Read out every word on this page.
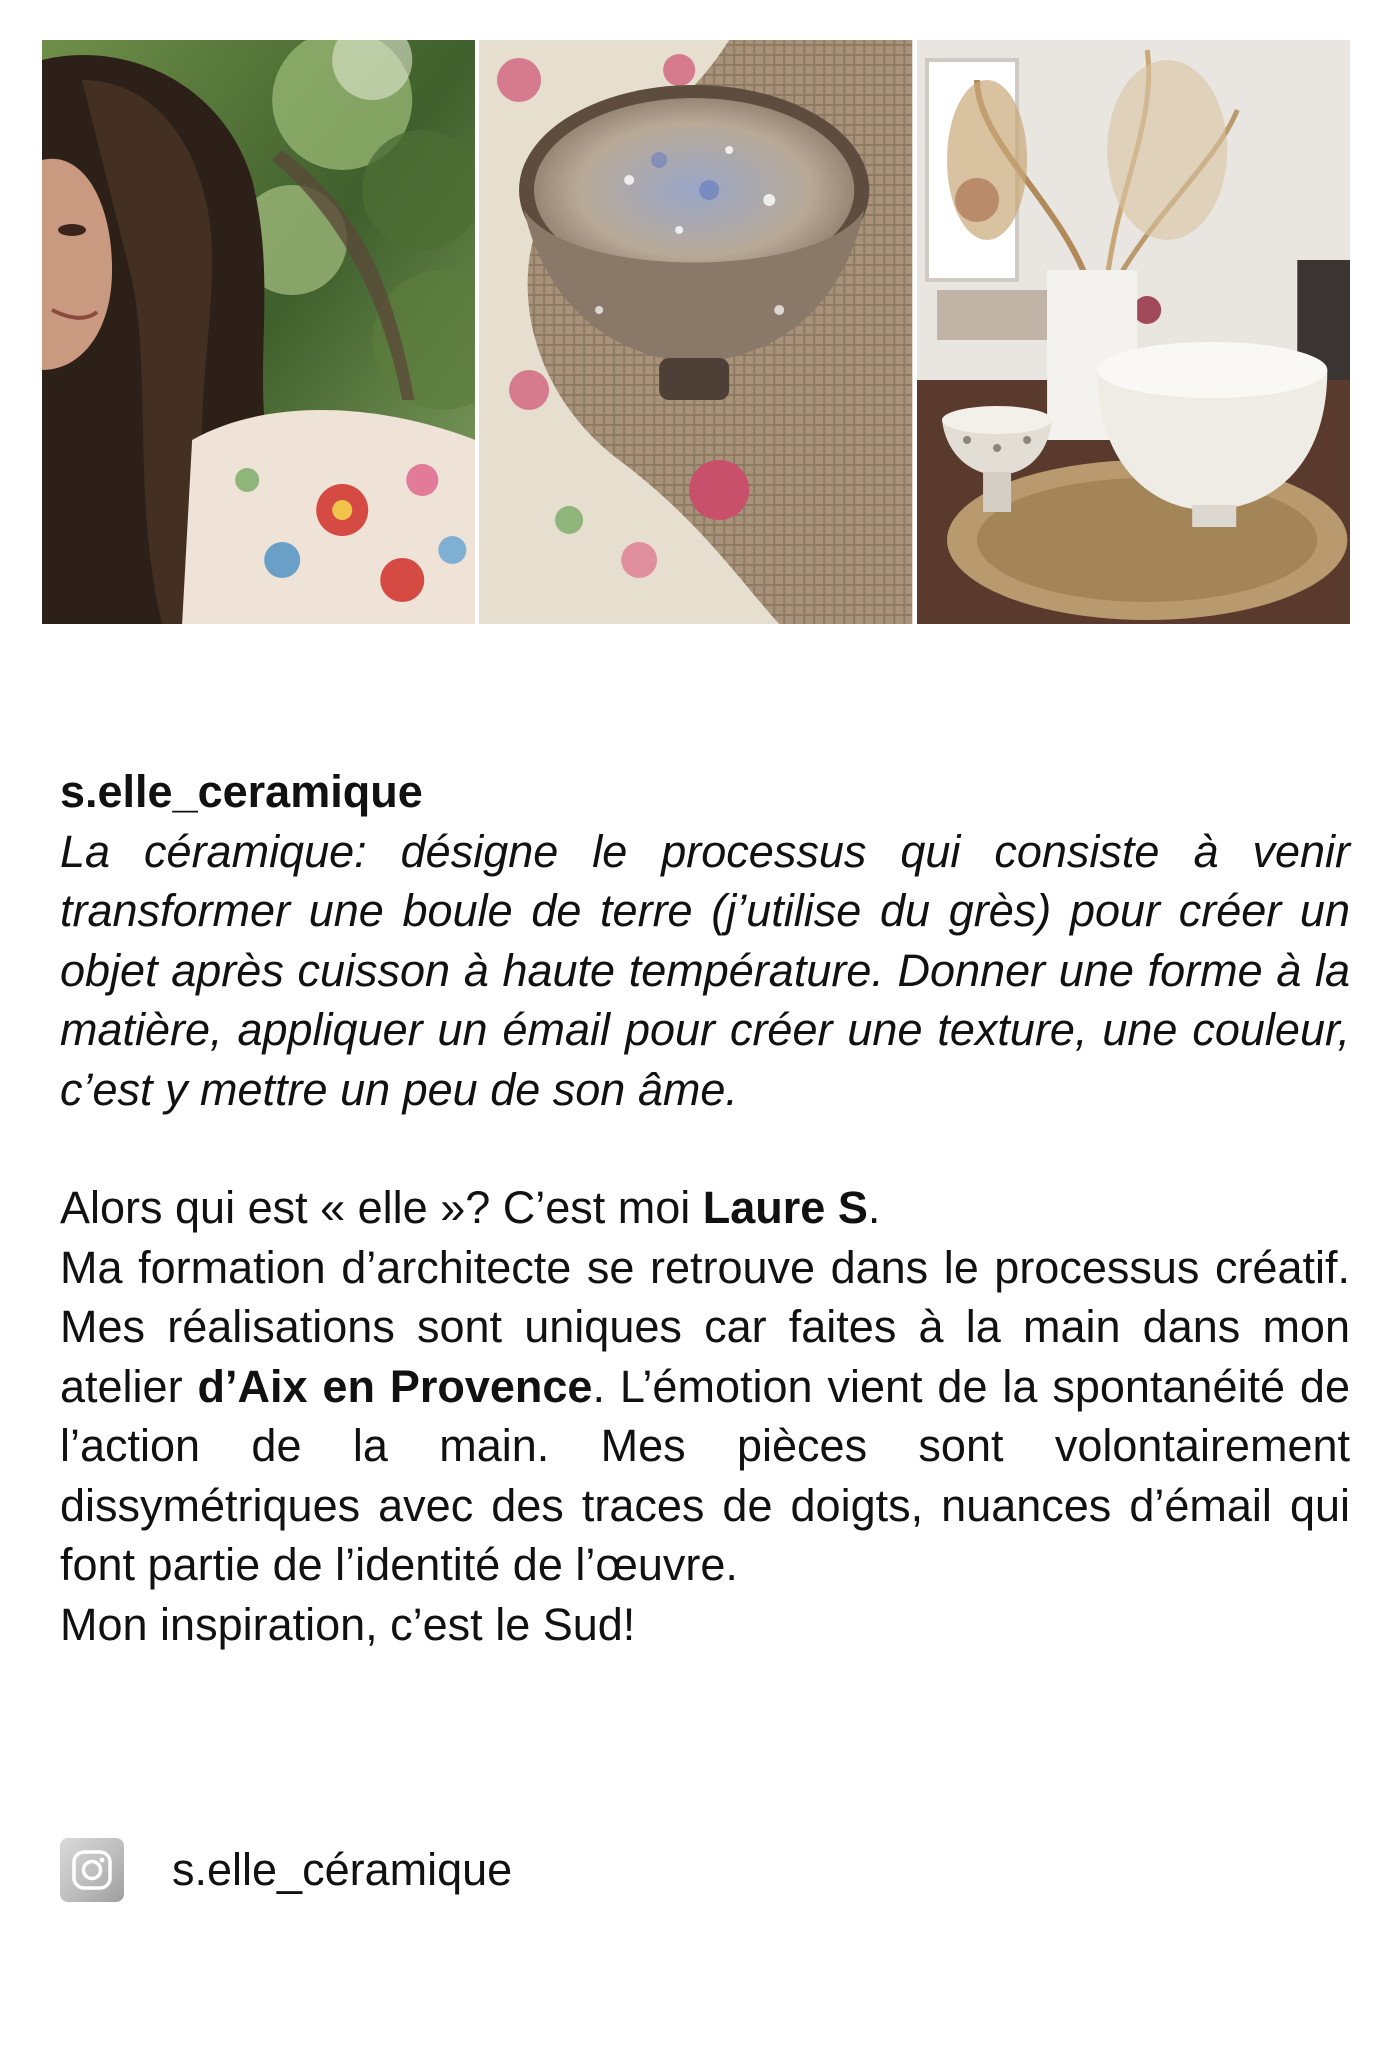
s.elle_ceramique

La céramique: désigne le processus qui consiste à venir transformer une boule de terre (j’utilise du grès) pour créer un objet après cuisson à haute température. Donner une forme à la matière, appliquer un émail pour créer une texture, une couleur, c’est y mettre un peu de son âme.

Alors qui est « elle »? C’est moi Laure S.

Ma formation d’architecte se retrouve dans le processus créatif. Mes réalisations sont uniques car faites à la main dans mon atelier d’Aix en Provence. L’émotion vient de la spontanéité de l’action de la main. Mes pièces sont volontairement dissymétriques avec des traces de doigts, nuances d’émail qui font partie de l’identité de l’œuvre.

Mon inspiration, c’est le Sud!

s.elle_céramique
